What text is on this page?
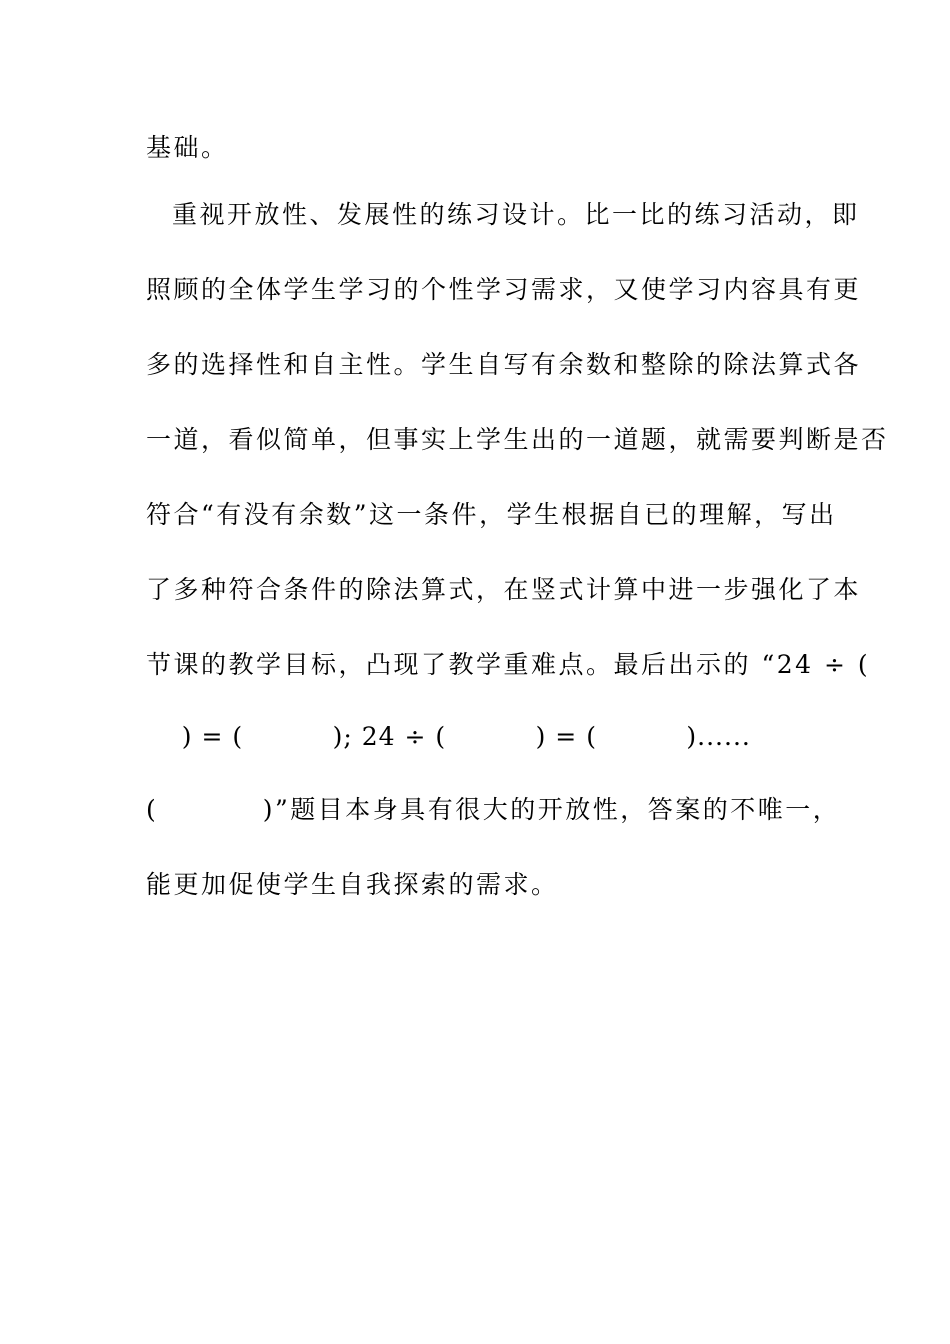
基础。
重视开放性、发展性的练习设计。比一比的练习活动，即
照顾的全体学生学习的个性学习需求，又使学习内容具有更
多的选择性和自主性。学生自写有余数和整除的除法算式各
一道，看似简单，但事实上学生出的一道题，就需要判断是否
符合“有没有余数”这一条件，学生根据自已的理解，写出
了多种符合条件的除法算式，在竖式计算中进一步强化了本
节课的教学目标，凸现了教学重难点。最后出示的 “24 ÷ (
) = (          ); 24 ÷ (          ) = (          )......
(          )”题目本身具有很大的开放性，答案的不唯一，
能更加促使学生自我探索的需求。
